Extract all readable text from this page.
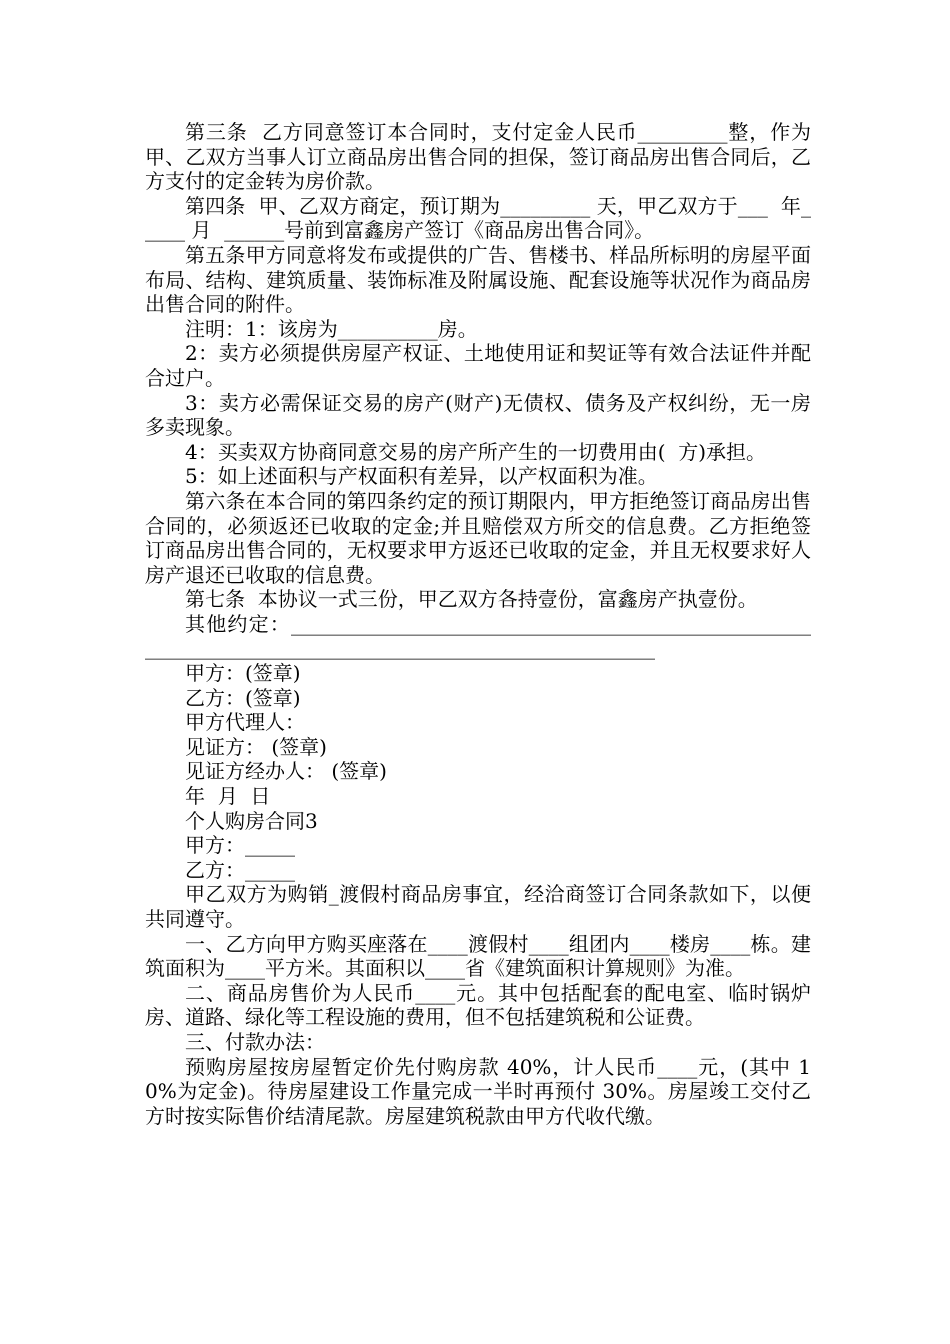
第三条  乙方同意签订本合同时，支付定金人民币_________整，作为甲、乙双方当事人订立商品房出售合同的担保，签订商品房出售合同后，乙方支付的定金转为房价款。

第四条  甲、乙双方商定，预订期为_________ 天，甲乙双方于___  年_____ 月  ______号前到富鑫房产签订《商品房出售合同》。

第五条甲方同意将发布或提供的广告、售楼书、样品所标明的房屋平面布局、结构、建筑质量、装饰标准及附属设施、配套设施等状况作为商品房出售合同的附件。

注明：1：该房为__________房。

2：卖方必须提供房屋产权证、土地使用证和契证等有效合法证件并配合过户。

3：卖方必需保证交易的房产(财产)无债权、债务及产权纠纷，无一房多卖现象。

4：买卖双方协商同意交易的房产所产生的一切费用由(  方)承担。

5：如上述面积与产权面积有差异，以产权面积为准。

第六条在本合同的第四条约定的预订期限内，甲方拒绝签订商品房出售合同的，必须返还已收取的定金;并且赔偿双方所交的信息费。乙方拒绝签订商品房出售合同的，无权要求甲方返还已收取的定金，并且无权要求好人房产退还已收取的信息费。

第七条  本协议一式三份，甲乙双方各持壹份，富鑫房产执壹份。

其他约定：_______________________________________________________________________________________________________

甲方：(签章)

乙方：(签章)

甲方代理人：

见证方： (签章)

见证方经办人： (签章)

年  月  日

个人购房合同3

甲方：_____

乙方：_____

甲乙双方为购销_渡假村商品房事宜，经洽商签订合同条款如下，以便共同遵守。

一、乙方向甲方购买座落在____渡假村____组团内____楼房____栋。建筑面积为____平方米。其面积以____省《建筑面积计算规则》为准。

二、商品房售价为人民币____元。其中包括配套的配电室、临时锅炉房、道路、绿化等工程设施的费用，但不包括建筑税和公证费。

三、付款办法：

预购房屋按房屋暂定价先付购房款 40%，计人民币____元，(其中 10%为定金)。待房屋建设工作量完成一半时再预付 30%。房屋竣工交付乙方时按实际售价结清尾款。房屋建筑税款由甲方代收代缴。
